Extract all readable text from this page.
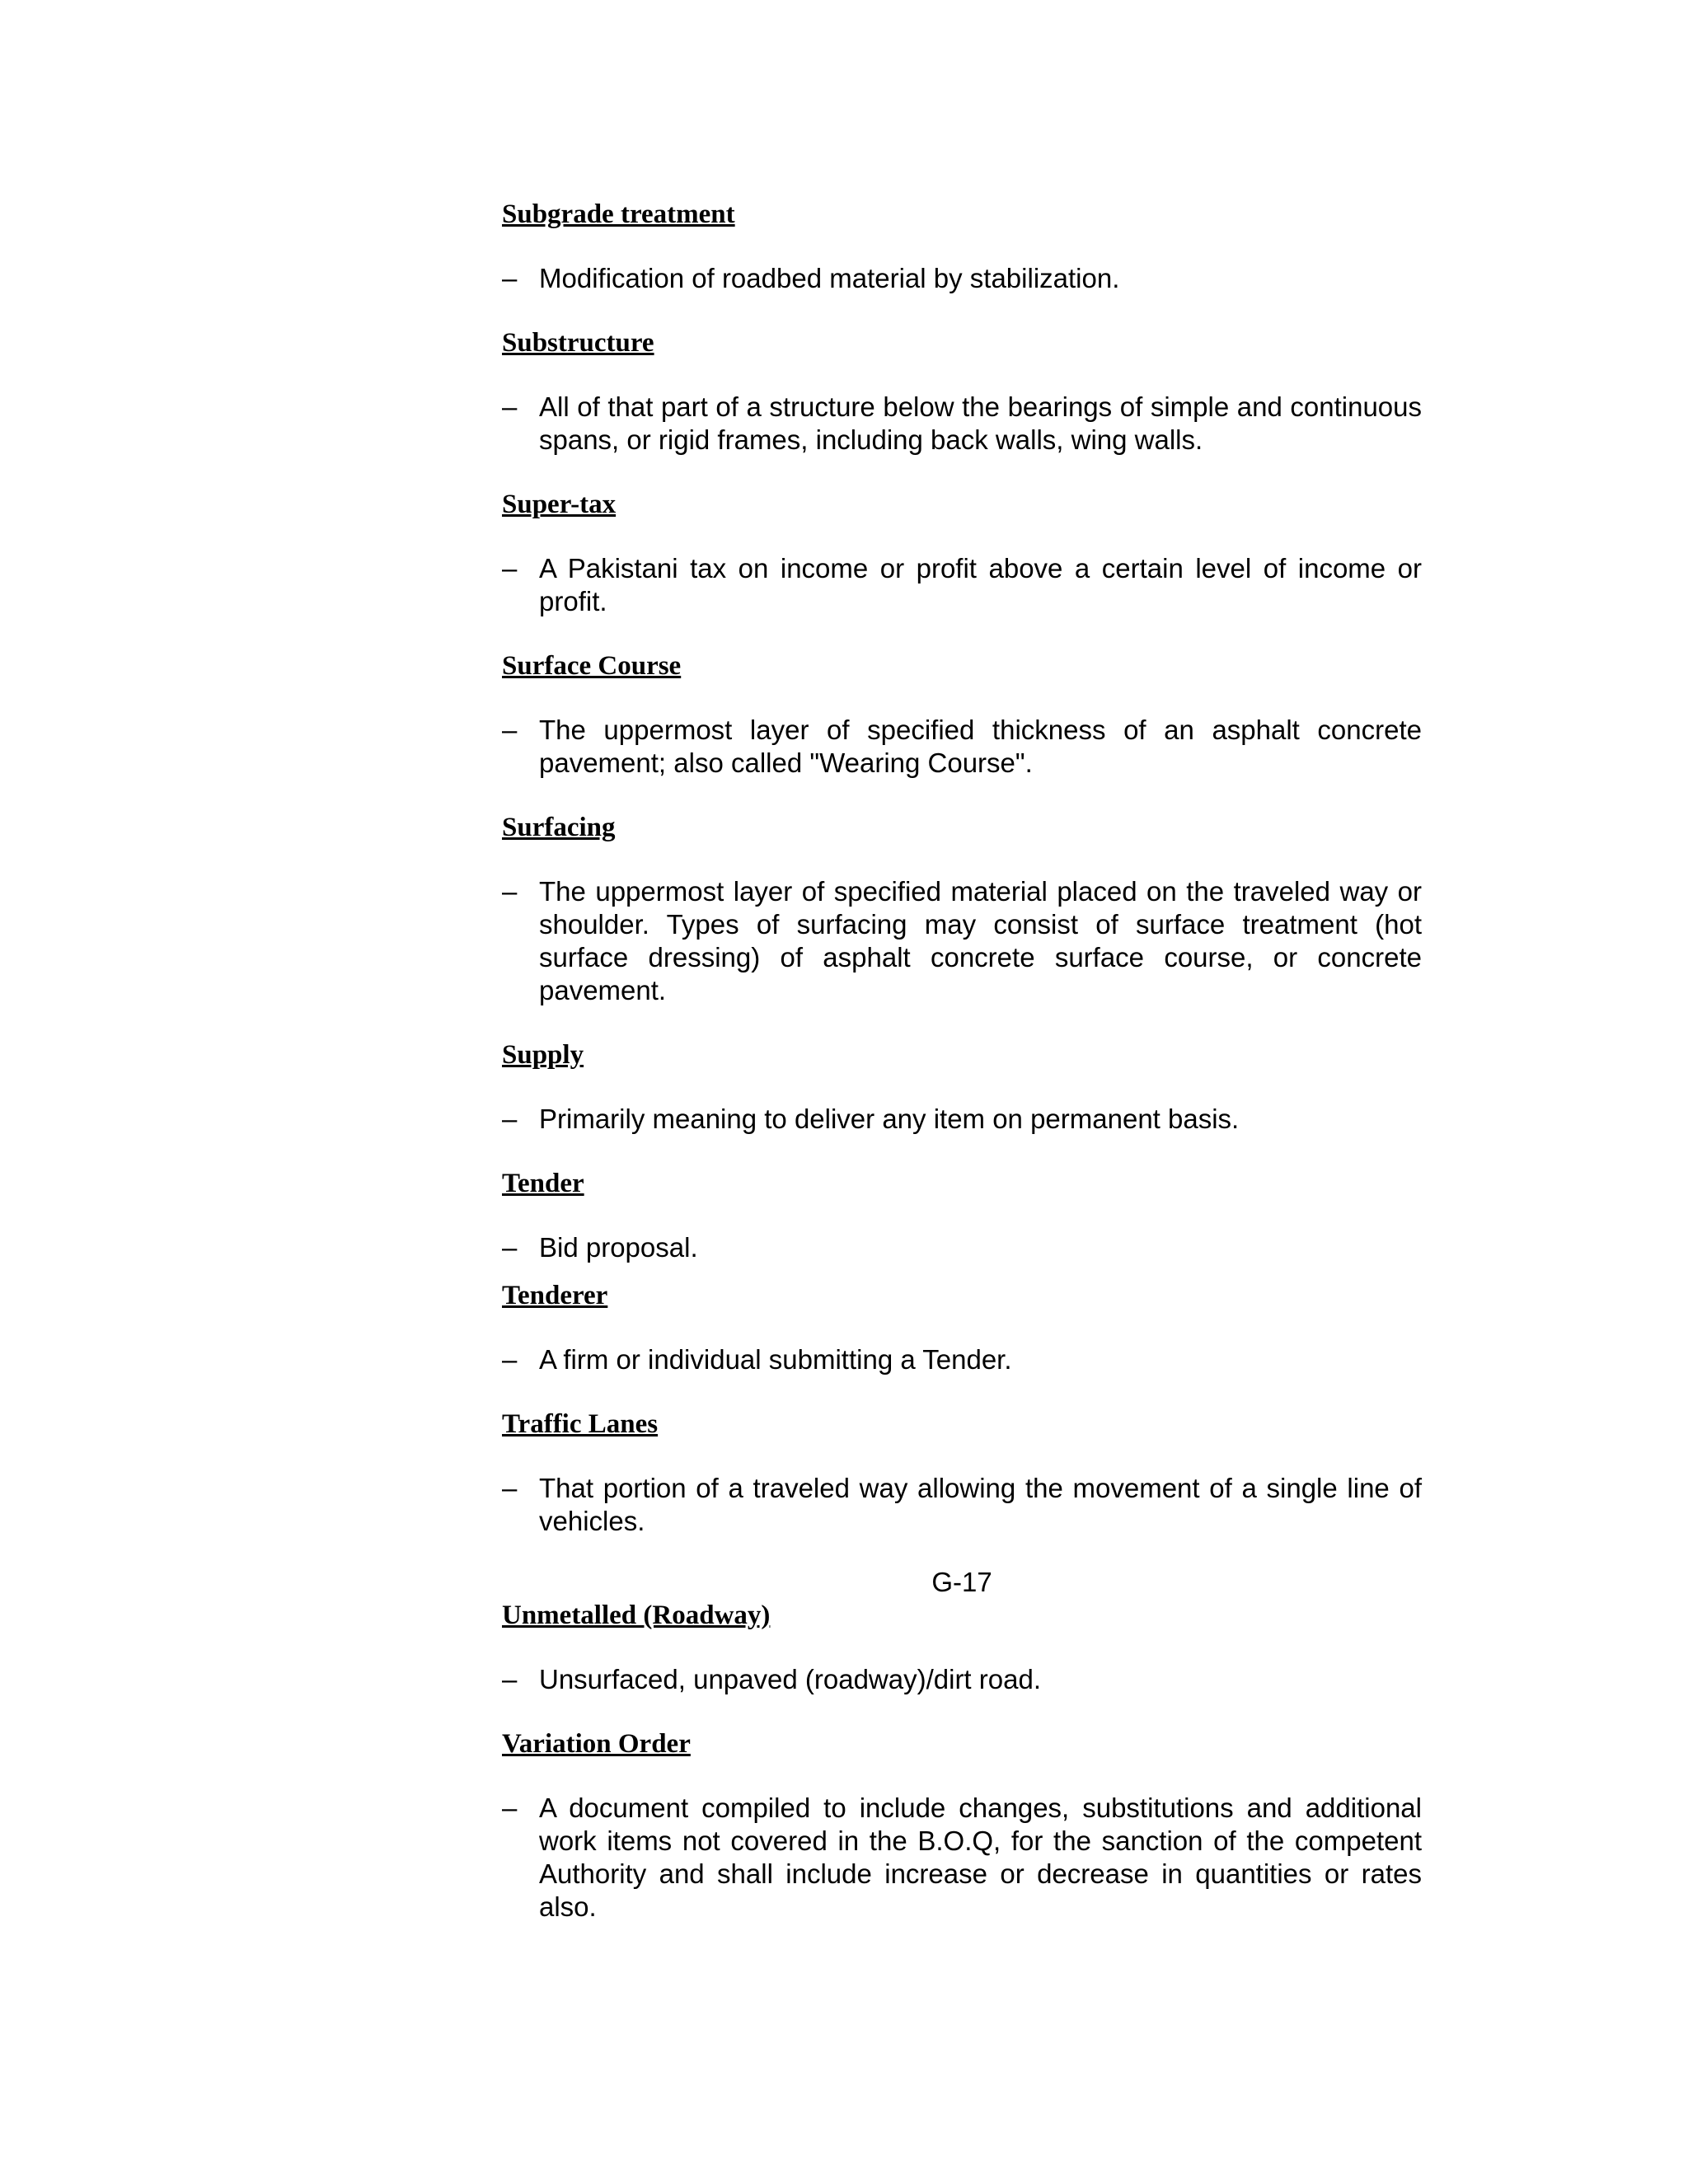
Subgrade treatment

– Modification of roadbed material by stabilization.

Substructure

– All of that part of a structure below the bearings of simple and continuous spans, or rigid frames, including back walls, wing walls.

Super-tax

– A Pakistani tax on income or profit above a certain level of income or profit.

Surface Course

– The uppermost layer of specified thickness of an asphalt concrete pavement; also called "Wearing Course".

Surfacing

– The uppermost layer of specified material placed on the traveled way or shoulder. Types of surfacing may consist of surface treatment (hot surface dressing) of asphalt concrete surface course, or concrete pavement.

Supply

– Primarily meaning to deliver any item on permanent basis.

Tender

– Bid proposal.

Tenderer

– A firm or individual submitting a Tender.

Traffic Lanes

– That portion of a traveled way allowing the movement of a single line of vehicles.

G-17

Unmetalled (Roadway)

– Unsurfaced, unpaved (roadway)/dirt road.

Variation Order

– A document compiled to include changes, substitutions and additional work items not covered in the B.O.Q, for the sanction of the competent Authority and shall include increase or decrease in quantities or rates also.
